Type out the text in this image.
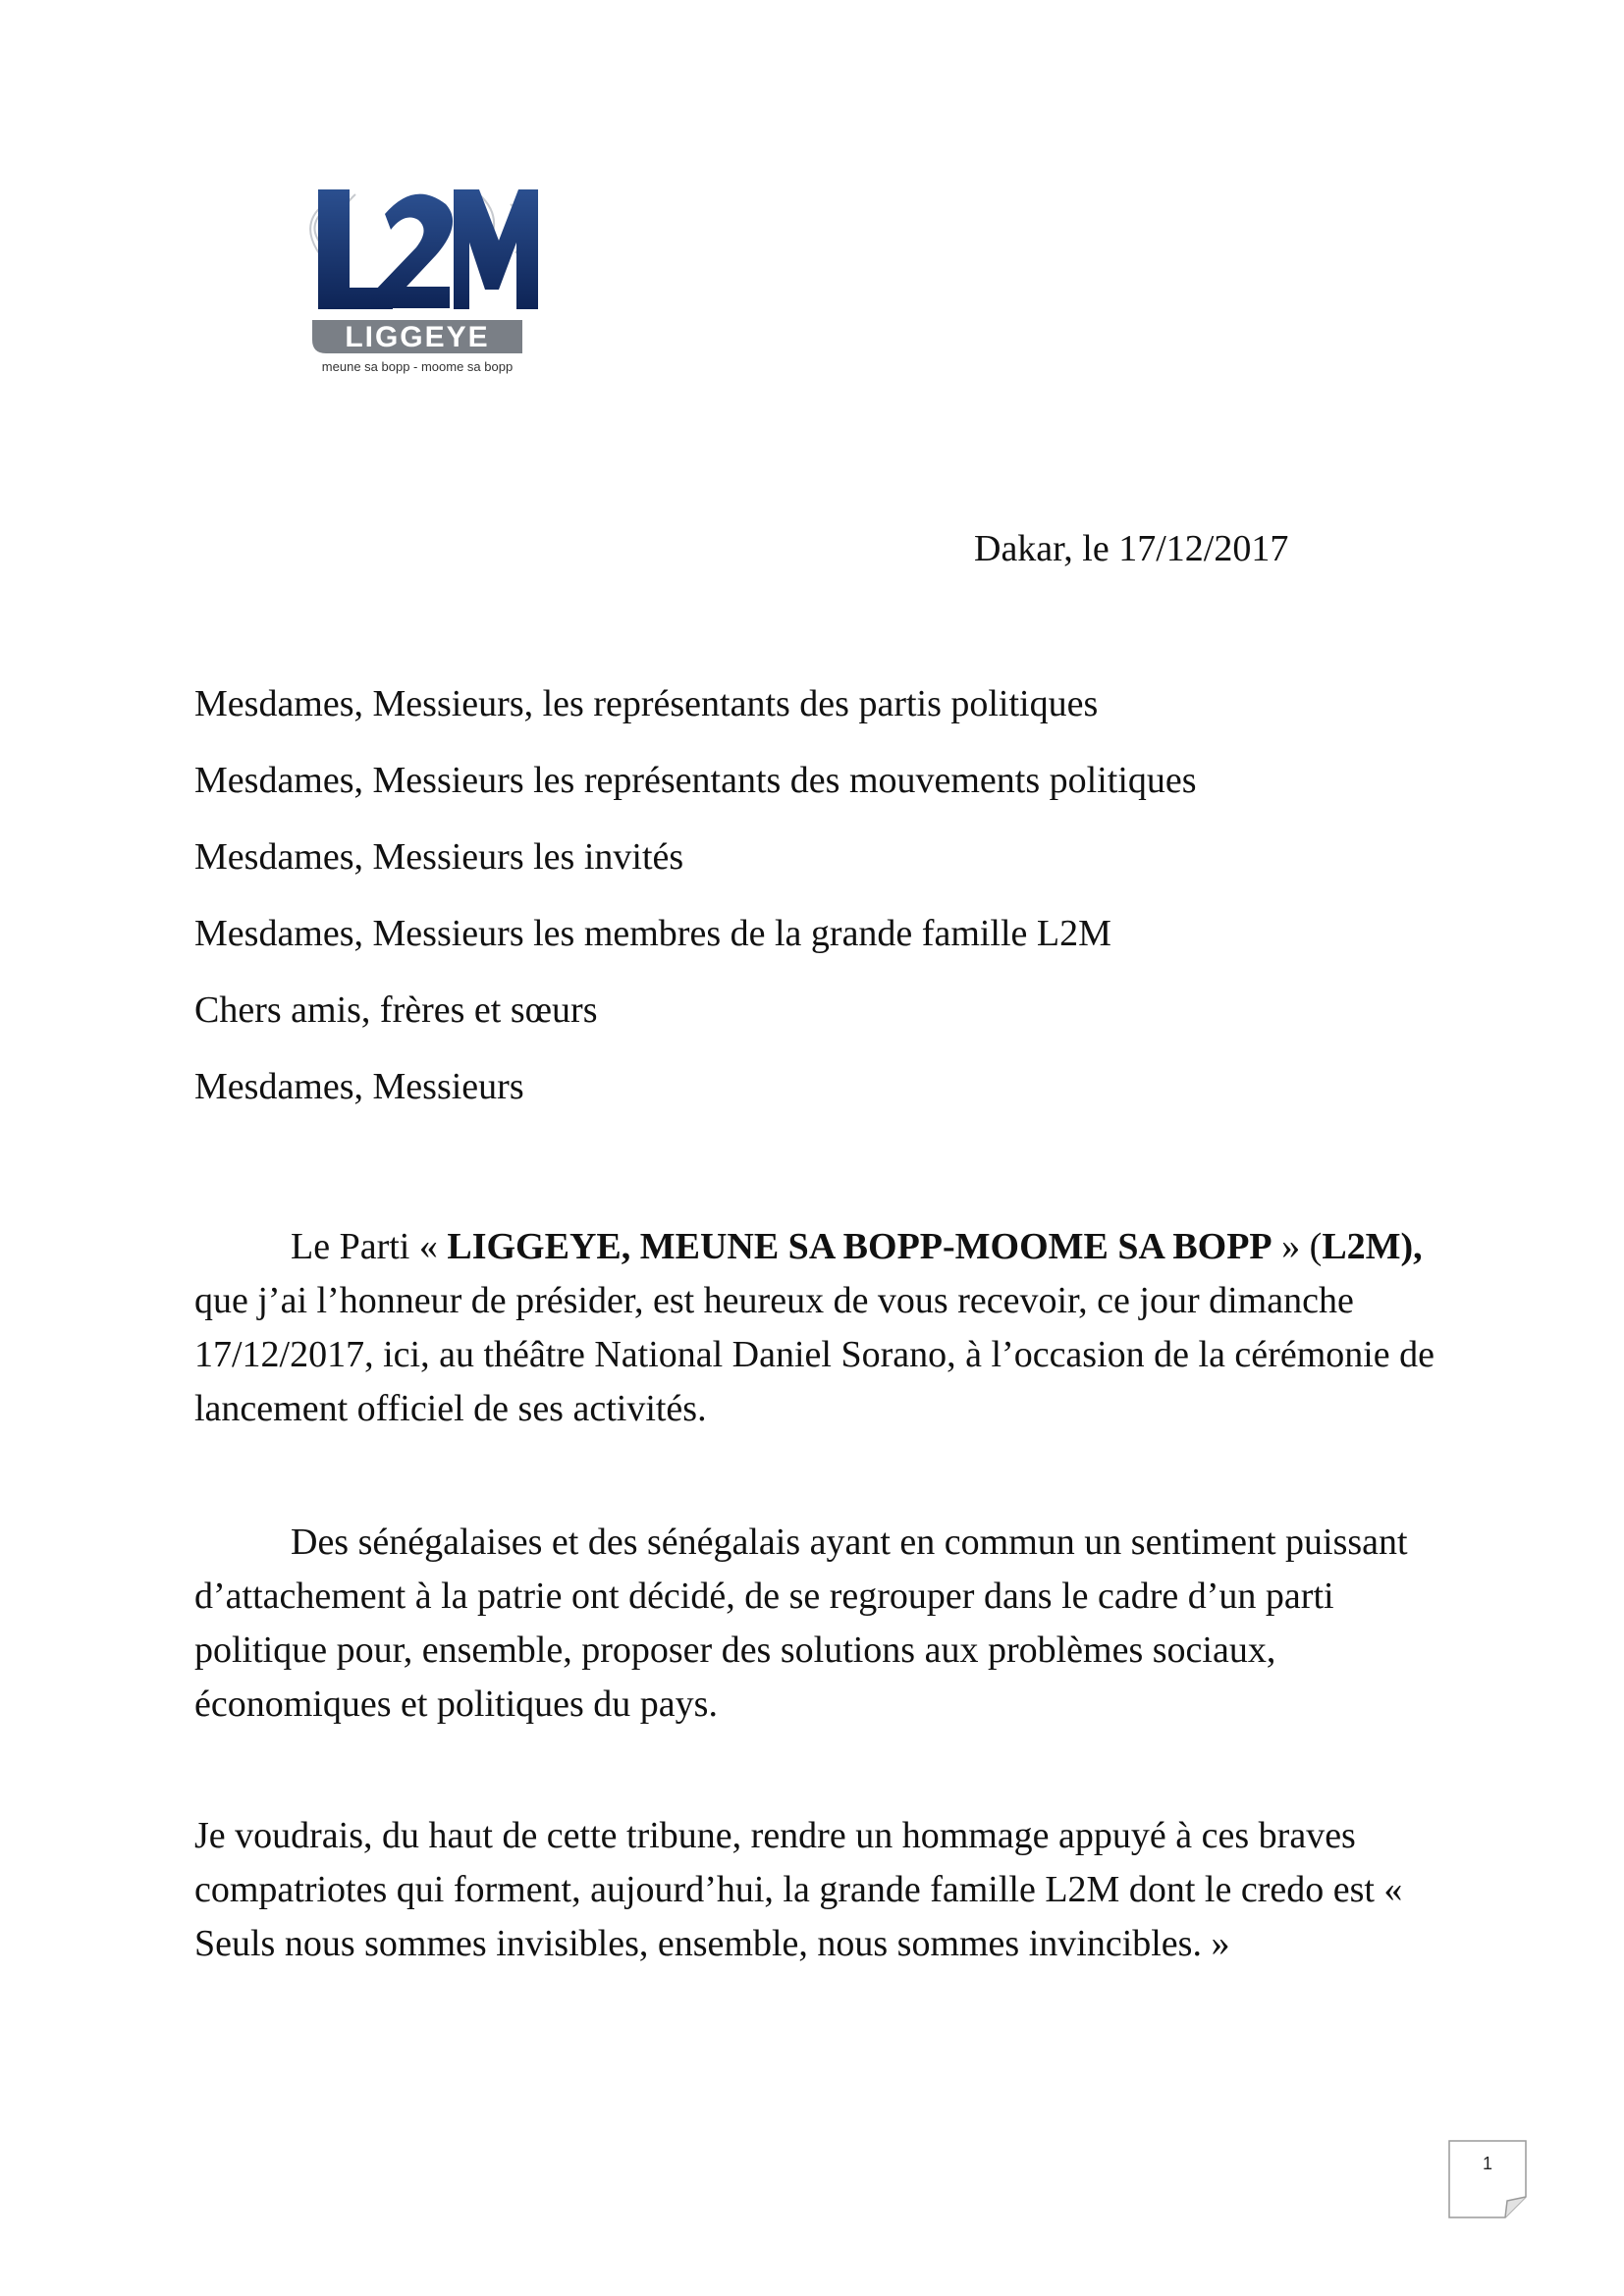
LIGGEYE
meune sa bopp - moome sa bopp
Dakar, le 17/12/2017
Mesdames, Messieurs, les représentants des partis politiques
Mesdames, Messieurs les représentants des mouvements politiques
Mesdames, Messieurs les invités
Mesdames, Messieurs les membres de la grande famille L2M
Chers amis, frères et sœurs
Mesdames, Messieurs

Le Parti « LIGGEYE, MEUNE SA BOPP-MOOME SA BOPP » (L2M), que j’ai l’honneur de présider, est heureux de vous recevoir, ce jour dimanche 17/12/2017, ici, au théâtre National Daniel Sorano, à l’occasion de la cérémonie de lancement officiel de ses activités.

Des sénégalaises et des sénégalais ayant en commun un sentiment puissant d’attachement à la patrie ont décidé, de se regrouper dans le cadre d’un parti politique pour, ensemble, proposer des solutions aux problèmes sociaux, économiques et politiques du pays.

Je voudrais, du haut de cette tribune, rendre un hommage appuyé à ces braves compatriotes qui forment, aujourd’hui, la grande famille L2M dont le credo est « Seuls nous sommes invisibles, ensemble, nous sommes invincibles. »

1
